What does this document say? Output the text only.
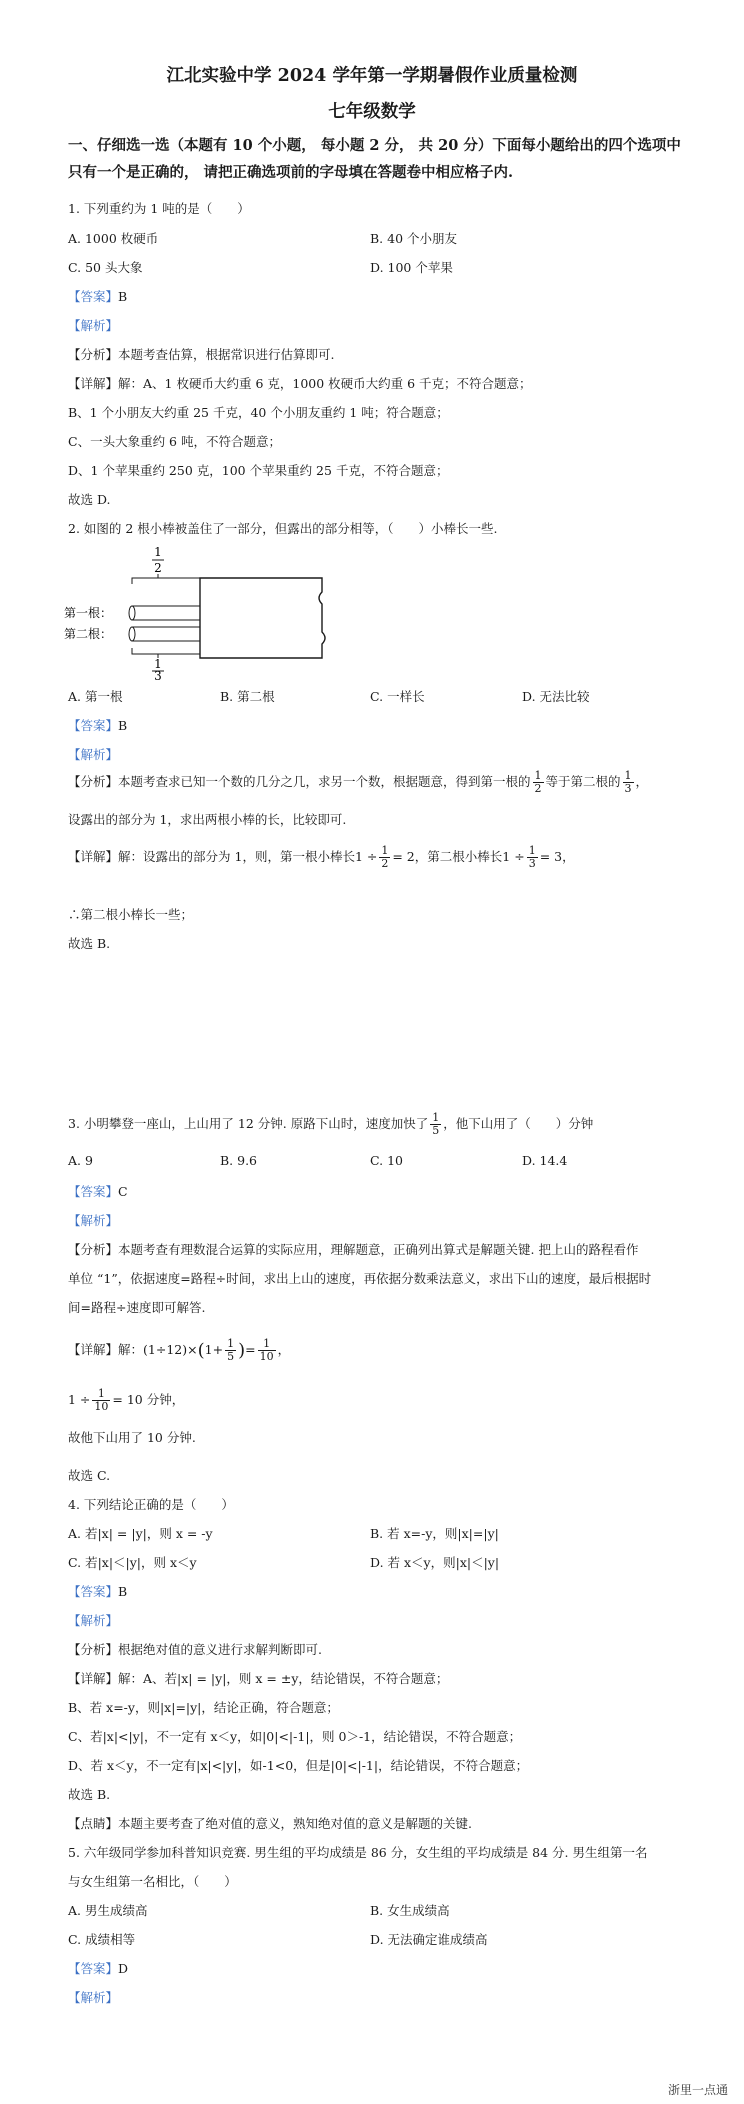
江北实验中学 2024 学年第一学期暑假作业质量检测
七年级数学
一、仔细选一选（本题有 10 个小题， 每小题 2 分， 共 20 分）下面每小题给出的四个选项中
只有一个是正确的， 请把正确选项前的字母填在答题卷中相应格子内.
1. 下列重约为 1 吨的是（　　）
A. 1000 枚硬币	B. 40 个小朋友
C. 50 头大象	D. 100 个苹果
【答案】B
【解析】
【分析】本题考查估算，根据常识进行估算即可.
【详解】解：A、1 枚硬币大约重 6 克，1000 枚硬币大约重 6 千克；不符合题意；
B、1 个小朋友大约重 25 千克，40 个小朋友重约 1 吨；符合题意；
C、一头大象重约 6 吨，不符合题意；
D、1 个苹果重约 250 克，100 个苹果重约 25 千克，不符合题意；
故选 D.
2. 如图的 2 根小棒被盖住了一部分，但露出的部分相等，（　　）小棒长一些.
1
2
第一根：
第二根：
1
3
A. 第一根	B. 第二根	C. 一样长	D. 无法比较
【答案】B
【解析】
【分析】本题考查求已知一个数的几分之几，求另一个数，根据题意，得到第一根的 $\frac{1}{2}$ 等于第二根的 $\frac{1}{3}$ ，
设露出的部分为 1，求出两根小棒的长，比较即可.
【详解】解：设露出的部分为 1，则，第一根小棒长$1 \div \frac{1}{2} = 2$，第二根小棒长$1 \div \frac{1}{3} = 3$，
∴第二根小棒长一些；
故选 B.
3. 小明攀登一座山，上山用了 12 分钟. 原路下山时，速度加快了 $\frac{1}{5}$ ，他下山用了（　　）分钟
A. 9	B. 9.6	C. 10	D. 14.4
【答案】C
【解析】
【分析】本题考查有理数混合运算的实际应用，理解题意，正确列出算式是解题关键. 把上山的路程看作
单位 “1”，依据速度=路程÷时间，求出上山的速度，再依据分数乘法意义，求出下山的速度，最后根据时
间=路程÷速度即可解答.
【详解】解：$(1\div 12)\times(1+ \frac{1}{5}$ )= $\frac{1}{10}$ ，
$1 \div \frac{1}{10} = 10$ 分钟，
故他下山用了 10 分钟.
故选 C.
4. 下列结论正确的是（　　）
A. 若|x| = |y|，则 x = -y	B. 若 x=-y，则|x|=|y|
C. 若|x|＜|y|，则 x＜y	D. 若 x＜y，则|x|＜|y|
【答案】B
【解析】
【分析】根据绝对值的意义进行求解判断即可.
【详解】解：A、若|x| = |y|，则 x = ±y，结论错误，不符合题意；
B、若 x=-y，则|x|=|y|，结论正确，符合题意；
C、若|x|<|y|，不一定有 x＜y，如|0|<|-1|，则 0＞-1，结论错误，不符合题意；
D、若 x＜y，不一定有|x|<|y|，如-1<0，但是|0|<|-1|，结论错误，不符合题意；
故选 B.
【点睛】本题主要考查了绝对值的意义，熟知绝对值的意义是解题的关键.
5. 六年级同学参加科普知识竞赛. 男生组的平均成绩是 86 分，女生组的平均成绩是 84 分. 男生组第一名
与女生组第一名相比，（　　）
A. 男生成绩高	B. 女生成绩高
C. 成绩相等	D. 无法确定谁成绩高
【答案】D
【解析】
浙里一点通
